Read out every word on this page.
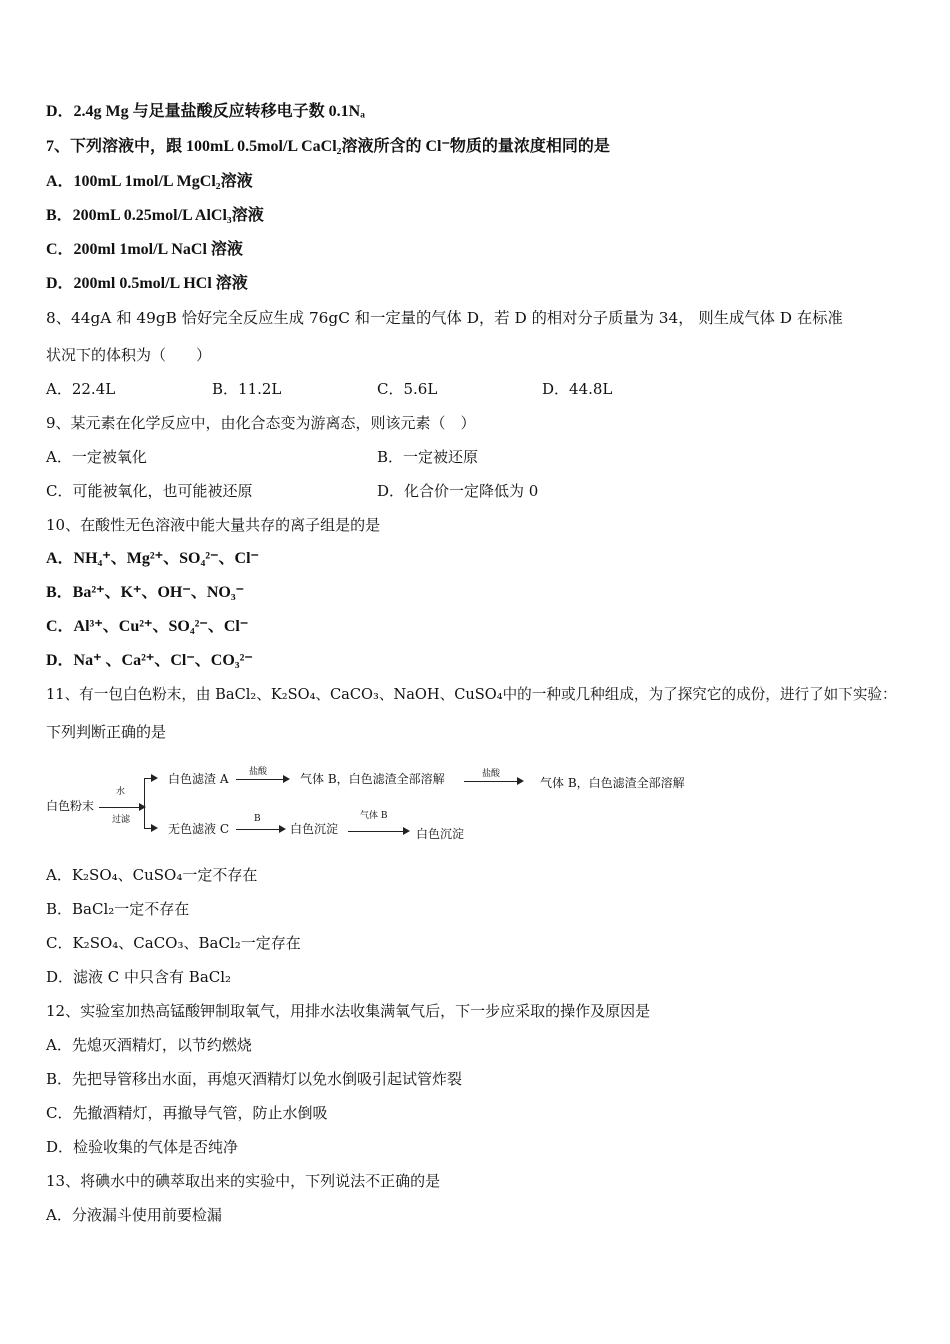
D．2.4g Mg 与足量盐酸反应转移电子数 0.1Nₐ
7、下列溶液中，跟 100mL 0.5mol/L CaCl₂溶液所含的 Cl⁻物质的量浓度相同的是
A．100mL 1mol/L MgCl₂溶液
B．200mL 0.25mol/L AlCl₃溶液
C．200ml 1mol/L NaCl 溶液
D．200ml 0.5mol/L HCl 溶液
8、44gA 和 49gB 恰好完全反应生成 76gC 和一定量的气体 D，若 D 的相对分子质量为 34， 则生成气体 D 在标准
状况下的体积为（　　）
A．22.4L	B．11.2L	C．5.6L	D．44.8L
9、某元素在化学反应中，由化合态变为游离态，则该元素（　）
A．一定被氧化	B．一定被还原
C．可能被氧化，也可能被还原	D．化合价一定降低为 0
10、在酸性无色溶液中能大量共存的离子组是的是
A．NH₄⁺、Mg²⁺、SO₄²⁻、Cl⁻
B．Ba²⁺、K⁺、OH⁻、NO₃⁻
C．Al³⁺、Cu²⁺、SO₄²⁻、Cl⁻
D．Na⁺ 、Ca²⁺、Cl⁻、CO₃²⁻
11、有一包白色粉末，由 BaCl₂、K₂SO₄、CaCO₃、NaOH、CuSO₄中的一种或几种组成，为了探究它的成份，进行了如下实验：
下列判断正确的是
白色粉末
水
过滤
白色滤渣 A 盐酸	气体 B，白色滤渣全部溶解	盐酸
气体 B，白色滤渣全部溶解
无色滤液 C
B
白色沉淀
气体 B
白色沉淀
A．K₂SO₄、CuSO₄一定不存在
B．BaCl₂一定不存在
C．K₂SO₄、CaCO₃、BaCl₂一定存在
D．滤液 C 中只含有 BaCl₂
12、实验室加热高锰酸钾制取氧气，用排水法收集满氧气后，下一步应采取的操作及原因是
A．先熄灭酒精灯，以节约燃烧
B．先把导管移出水面，再熄灭酒精灯以免水倒吸引起试管炸裂
C．先撤酒精灯，再撤导气管，防止水倒吸
D．检验收集的气体是否纯净
13、将碘水中的碘萃取出来的实验中，下列说法不正确的是
A．分液漏斗使用前要检漏
